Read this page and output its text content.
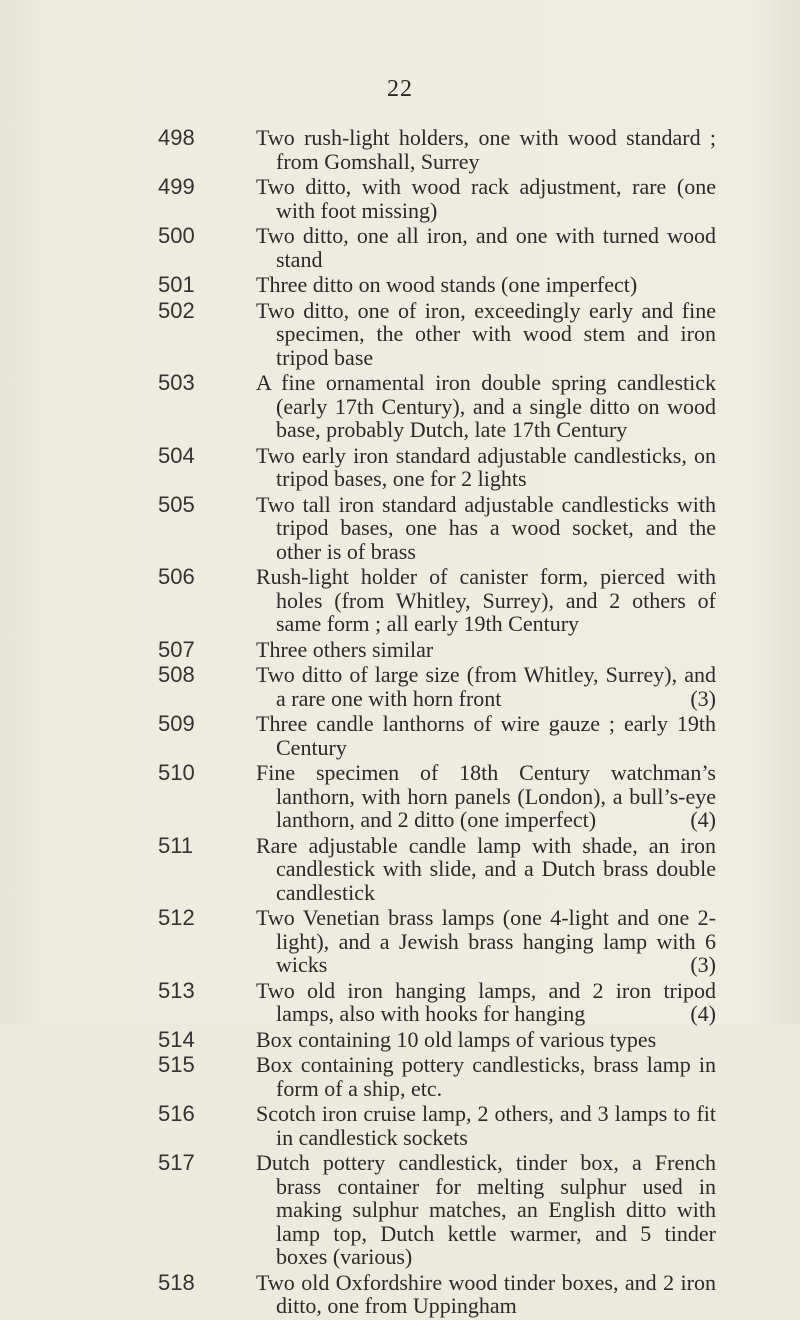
22
498	Two rush-light holders, one with wood standard ; from Gomshall, Surrey
499	Two ditto, with wood rack adjustment, rare (one with foot missing)
500	Two ditto, one all iron, and one with turned wood stand
501	Three ditto on wood stands (one imperfect)
502	Two ditto, one of iron, exceedingly early and fine specimen, the other with wood stem and iron tripod base
503	A fine ornamental iron double spring candlestick (early 17th Century), and a single ditto on wood base, probably Dutch, late 17th Century
504	Two early iron standard adjustable candlesticks, on tripod bases, one for 2 lights
505	Two tall iron standard adjustable candlesticks with tripod bases, one has a wood socket, and the other is of brass
506	Rush-light holder of canister form, pierced with holes (from Whitley, Surrey), and 2 others of same form ; all early 19th Century
507	Three others similar
508	Two ditto of large size (from Whitley, Surrey), and a rare one with horn front	(3)
509	Three candle lanthorns of wire gauze ; early 19th Century
510	Fine specimen of 18th Century watchman’s lanthorn, with horn panels (London), a bull’s-eye lanthorn, and 2 ditto (one imperfect)	(4)
511	Rare adjustable candle lamp with shade, an iron candlestick with slide, and a Dutch brass double candlestick
512	Two Venetian brass lamps (one 4-light and one 2-light), and a Jewish brass hanging lamp with 6 wicks	(3)
513	Two old iron hanging lamps, and 2 iron tripod lamps, also with hooks for hanging	(4)
514	Box containing 10 old lamps of various types
515	Box containing pottery candlesticks, brass lamp in form of a ship, etc.
516	Scotch iron cruise lamp, 2 others, and 3 lamps to fit in candlestick sockets
517	Dutch pottery candlestick, tinder box, a French brass container for melting sulphur used in making sulphur matches, an English ditto with lamp top, Dutch kettle warmer, and 5 tinder boxes (various)
518	Two old Oxfordshire wood tinder boxes, and 2 iron ditto, one from Uppingham
